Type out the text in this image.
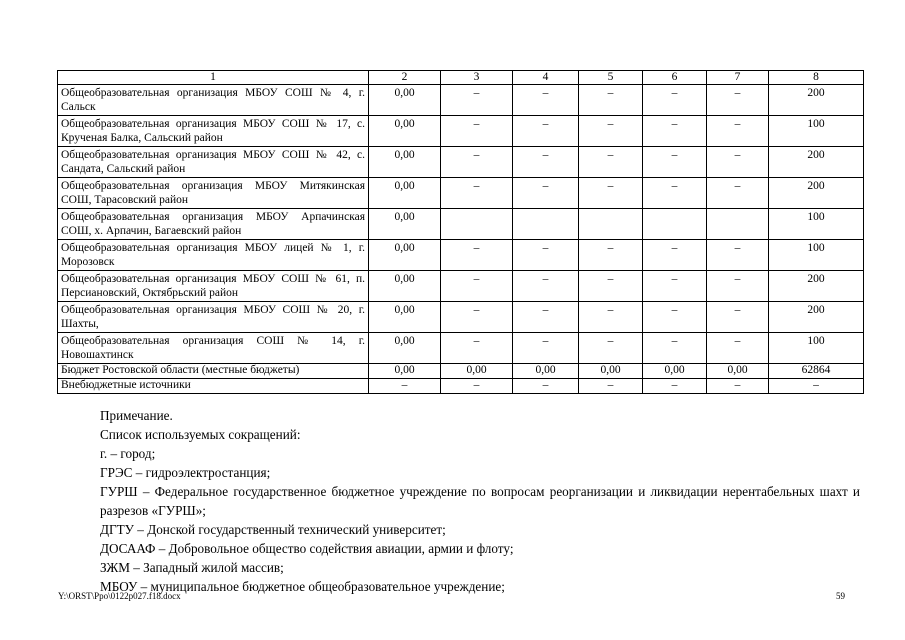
1	2	3	4	5	6	7	8
Общеобразовательная организация МБОУ СОШ № 4, г. Сальск	0,00	–	–	–	–	–	200
Общеобразовательная организация МБОУ СОШ № 17, с. Крученая Балка, Сальский район	0,00	–	–	–	–	–	100
Общеобразовательная организация МБОУ СОШ № 42, с. Сандата, Сальский район	0,00	–	–	–	–	–	200
Общеобразовательная организация МБОУ Митякинская СОШ, Тарасовский район	0,00	–	–	–	–	–	200
Общеобразовательная организация МБОУ Арпачинская СОШ, х. Арпачин, Багаевский район	0,00						100
Общеобразовательная организация МБОУ лицей № 1, г. Морозовск	0,00	–	–	–	–	–	100
Общеобразовательная организация МБОУ СОШ № 61, п. Персиановский, Октябрьский район	0,00	–	–	–	–	–	200
Общеобразовательная организация МБОУ СОШ № 20, г. Шахты,	0,00	–	–	–	–	–	200
Общеобразовательная организация СОШ № 14, г. Новошахтинск	0,00	–	–	–	–	–	100
Бюджет Ростовской области (местные бюджеты)	0,00	0,00	0,00	0,00	0,00	0,00	62864
Внебюджетные источники	–	–	–	–	–	–	–

Примечание.

Список используемых сокращений:

г. – город;

ГРЭС – гидроэлектростанция;

ГУРШ – Федеральное государственное бюджетное учреждение по вопросам реорганизации и ликвидации нерентабельных шахт и разрезов «ГУРШ»;

ДГТУ – Донской государственный технический университет;

ДОСААФ – Добровольное общество содействия авиации, армии и флоту;

ЗЖМ – Западный жилой массив;

МБОУ – муниципальное бюджетное общеобразовательное учреждение;

Y:\ORST\Ppo\0122p027.f18.docx	59
